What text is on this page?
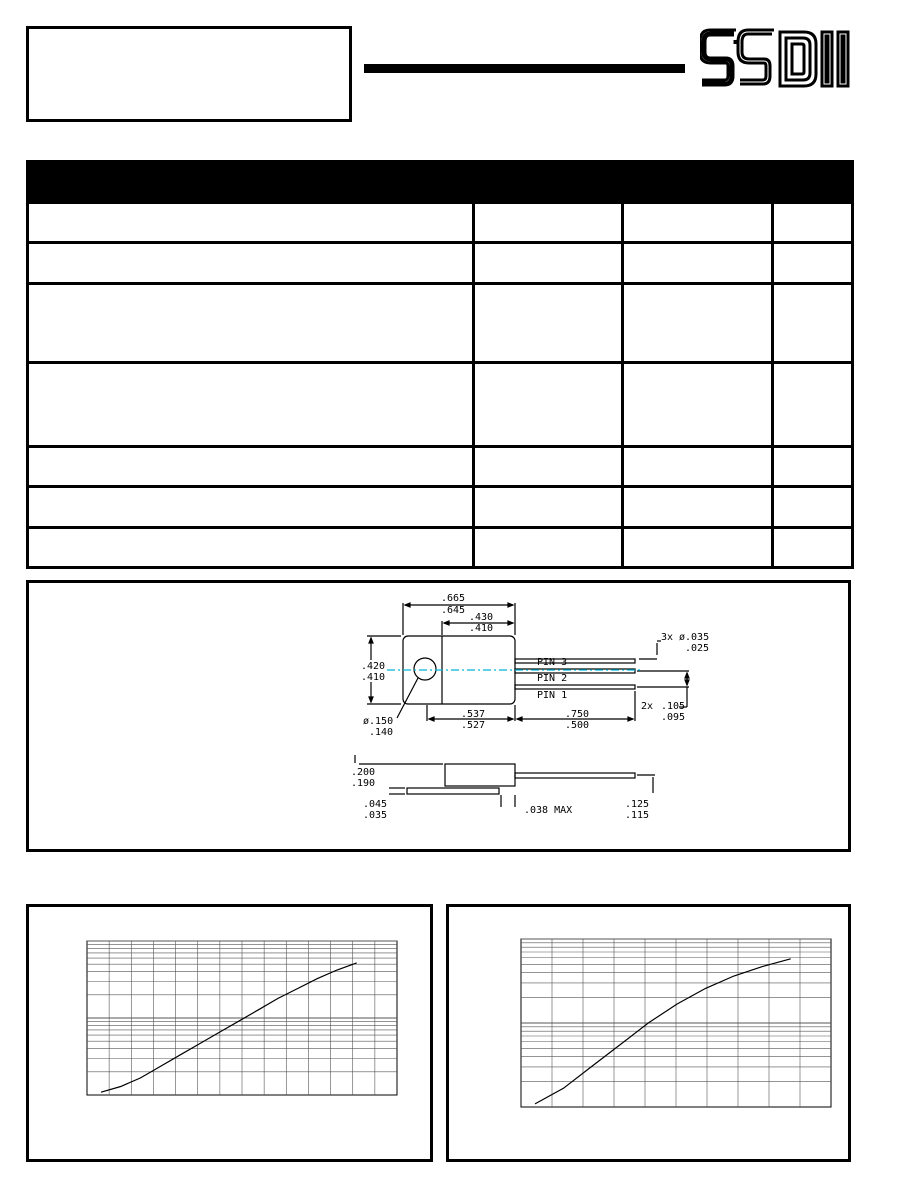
.665
.645
.430
.410
3x ø.035
.025
.420
.410
PIN 3
PIN 2
PIN 1
2x .105
.095
.537
.527
.750
.500
ø.150
.140
.200
.190
.045
.035	.038 MAX
.125
.115
